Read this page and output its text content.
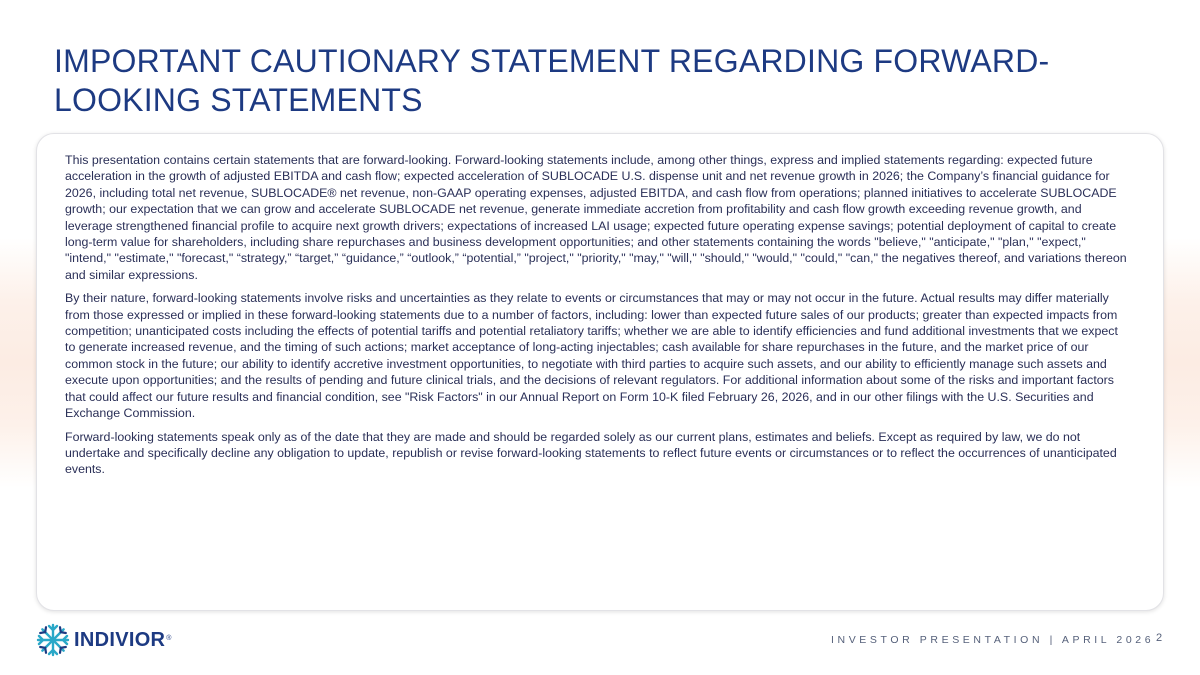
IMPORTANT CAUTIONARY STATEMENT REGARDING FORWARD-LOOKING STATEMENTS

This presentation contains certain statements that are forward-looking. Forward-looking statements include, among other things, express and implied statements regarding: expected future acceleration in the growth of adjusted EBITDA and cash flow; expected acceleration of SUBLOCADE U.S. dispense unit and net revenue growth in 2026; the Company’s financial guidance for 2026, including total net revenue, SUBLOCADE® net revenue, non-GAAP operating expenses, adjusted EBITDA, and cash flow from operations; planned initiatives to accelerate SUBLOCADE growth; our expectation that we can grow and accelerate SUBLOCADE net revenue, generate immediate accretion from profitability and cash flow growth exceeding revenue growth, and leverage strengthened financial profile to acquire next growth drivers; expectations of increased LAI usage; expected future operating expense savings; potential deployment of capital to create long-term value for shareholders, including share repurchases and business development opportunities; and other statements containing the words "believe," "anticipate," "plan," "expect," "intend," "estimate," "forecast," “strategy,” “target,” “guidance,” “outlook,” “potential,” "project," "priority," "may," "will," "should," "would," "could," "can," the negatives thereof, and variations thereon and similar expressions.

By their nature, forward-looking statements involve risks and uncertainties as they relate to events or circumstances that may or may not occur in the future. Actual results may differ materially from those expressed or implied in these forward-looking statements due to a number of factors, including: lower than expected future sales of our products; greater than expected impacts from competition; unanticipated costs including the effects of potential tariffs and potential retaliatory tariffs; whether we are able to identify efficiencies and fund additional investments that we expect to generate increased revenue, and the timing of such actions; market acceptance of long-acting injectables; cash available for share repurchases in the future, and the market price of our common stock in the future; our ability to identify accretive investment opportunities, to negotiate with third parties to acquire such assets, and our ability to efficiently manage such assets and execute upon opportunities; and the results of pending and future clinical trials, and the decisions of relevant regulators. For additional information about some of the risks and important factors that could affect our future results and financial condition, see "Risk Factors" in our Annual Report on Form 10-K filed February 26, 2026, and in our other filings with the U.S. Securities and Exchange Commission.

Forward-looking statements speak only as of the date that they are made and should be regarded solely as our current plans, estimates and beliefs. Except as required by law, we do not undertake and specifically decline any obligation to update, republish or revise forward-looking statements to reflect future events or circumstances or to reflect the occurrences of unanticipated events.

INDIVIOR ®	INVESTOR PRESENTATION | APRIL 2026 2
